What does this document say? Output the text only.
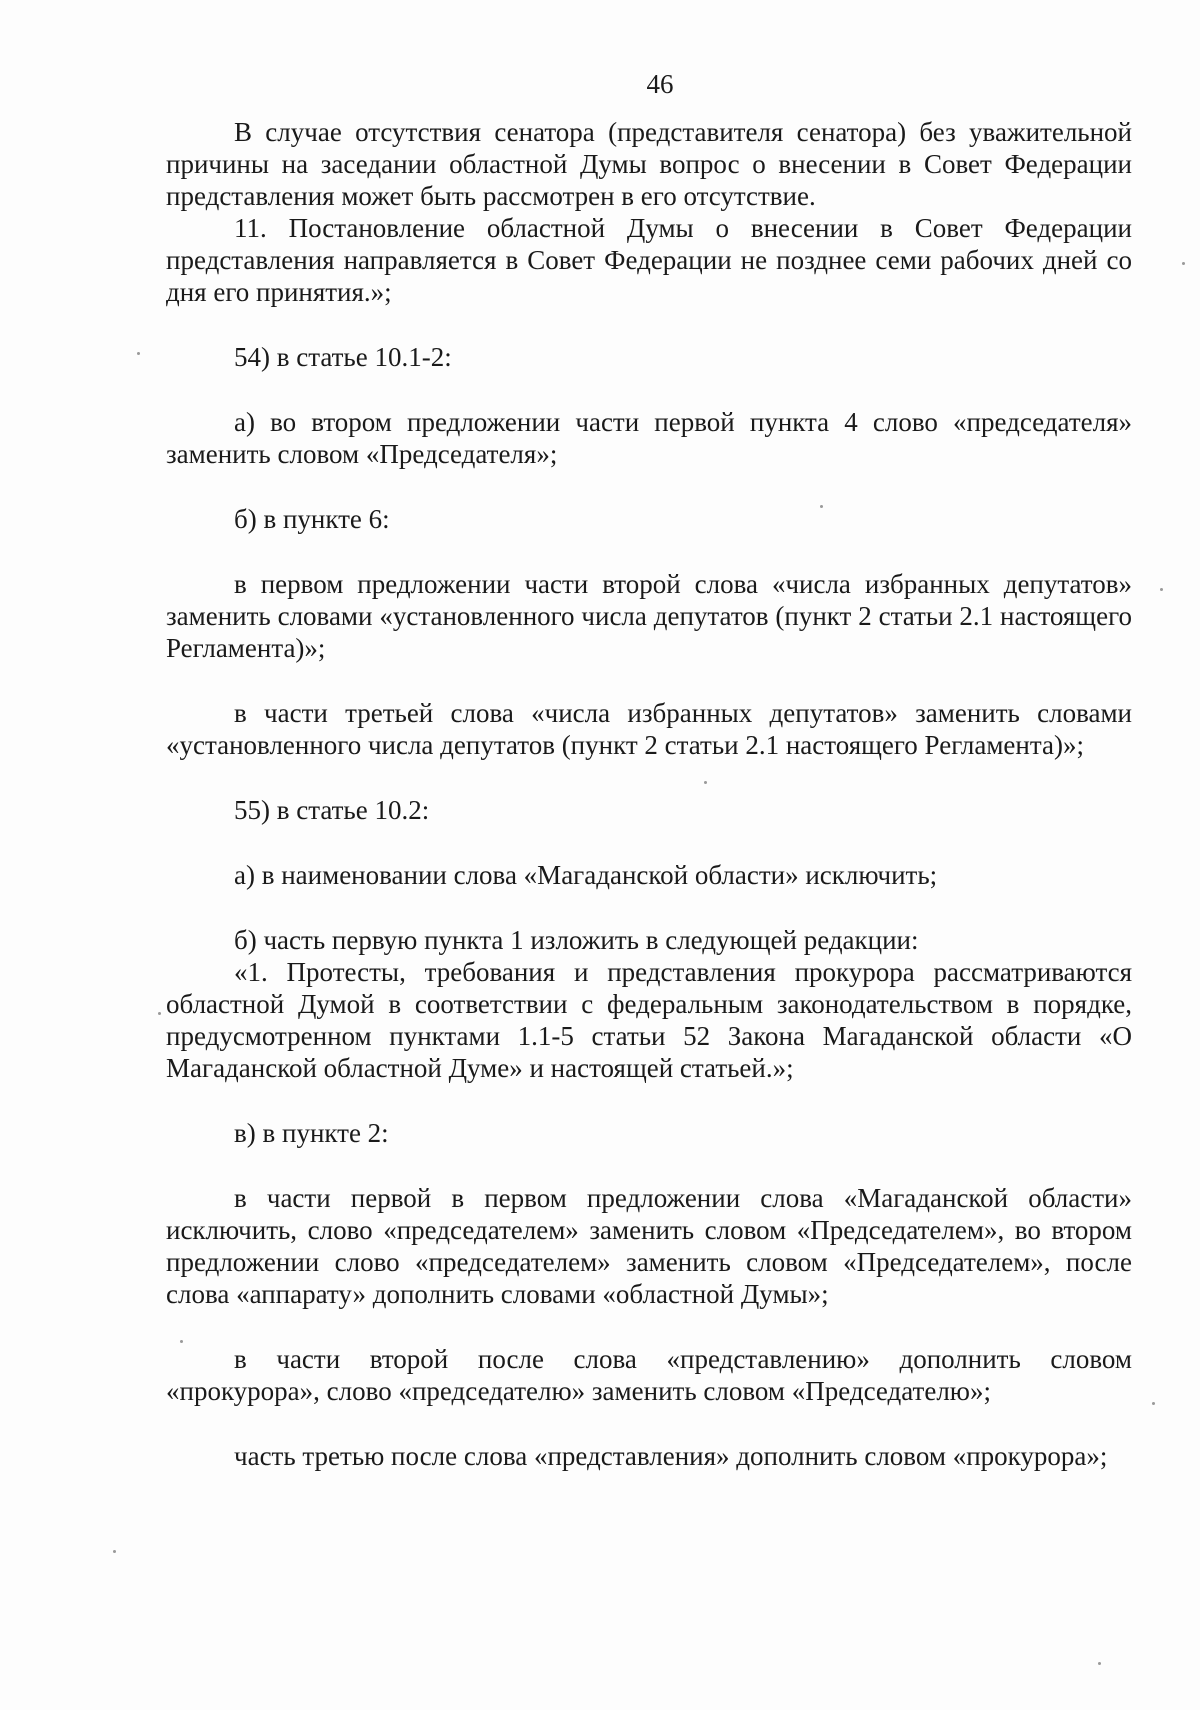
46

В случае отсутствия сенатора (представителя сенатора) без уважительной причины на заседании областной Думы вопрос о внесении в Совет Федерации представления может быть рассмотрен в его отсутствие.

11. Постановление областной Думы о внесении в Совет Федерации представления направляется в Совет Федерации не позднее семи рабочих дней со дня его принятия.»;

54) в статье 10.1-2:

а) во втором предложении части первой пункта 4 слово «председателя» заменить словом «Председателя»;

б) в пункте 6:

в первом предложении части второй слова «числа избранных депутатов» заменить словами «установленного числа депутатов (пункт 2 статьи 2.1 настоящего Регламента)»;

в части третьей слова «числа избранных депутатов» заменить словами «установленного числа депутатов (пункт 2 статьи 2.1 настоящего Регламента)»;

55) в статье 10.2:

а) в наименовании слова «Магаданской области» исключить;

б) часть первую пункта 1 изложить в следующей редакции:

«1. Протесты, требования и представления прокурора рассматриваются областной Думой в соответствии с федеральным законодательством в порядке, предусмотренном пунктами 1.1-5 статьи 52 Закона Магаданской области «О Магаданской областной Думе» и настоящей статьей.»;

в) в пункте 2:

в части первой в первом предложении слова «Магаданской области» исключить, слово «председателем» заменить словом «Председателем», во втором предложении слово «председателем» заменить словом «Председателем», после слова «аппарату» дополнить словами «областной Думы»;

в части второй после слова «представлению» дополнить словом «прокурора», слово «председателю» заменить словом «Председателю»;

часть третью после слова «представления» дополнить словом «прокурора»;
